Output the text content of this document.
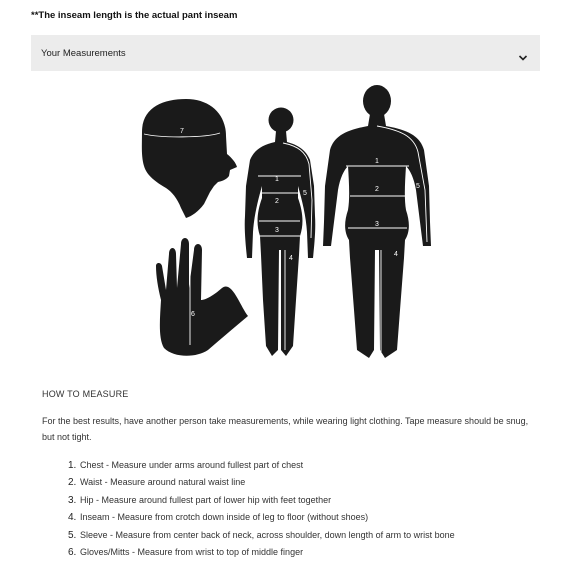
**The inseam length is the actual pant inseam
Your Measurements
7
6
1
2
3
4
5
1
2
3
4
5
HOW TO MEASURE
For the best results, have another person take measurements, while wearing light clothing. Tape measure should be snug, but not tight.
1. Chest - Measure under arms around fullest part of chest
2. Waist - Measure around natural waist line
3. Hip - Measure around fullest part of lower hip with feet together
4. Inseam - Measure from crotch down inside of leg to floor (without shoes)
5. Sleeve - Measure from center back of neck, across shoulder, down length of arm to wrist bone
6. Gloves/Mitts - Measure from wrist to top of middle finger
